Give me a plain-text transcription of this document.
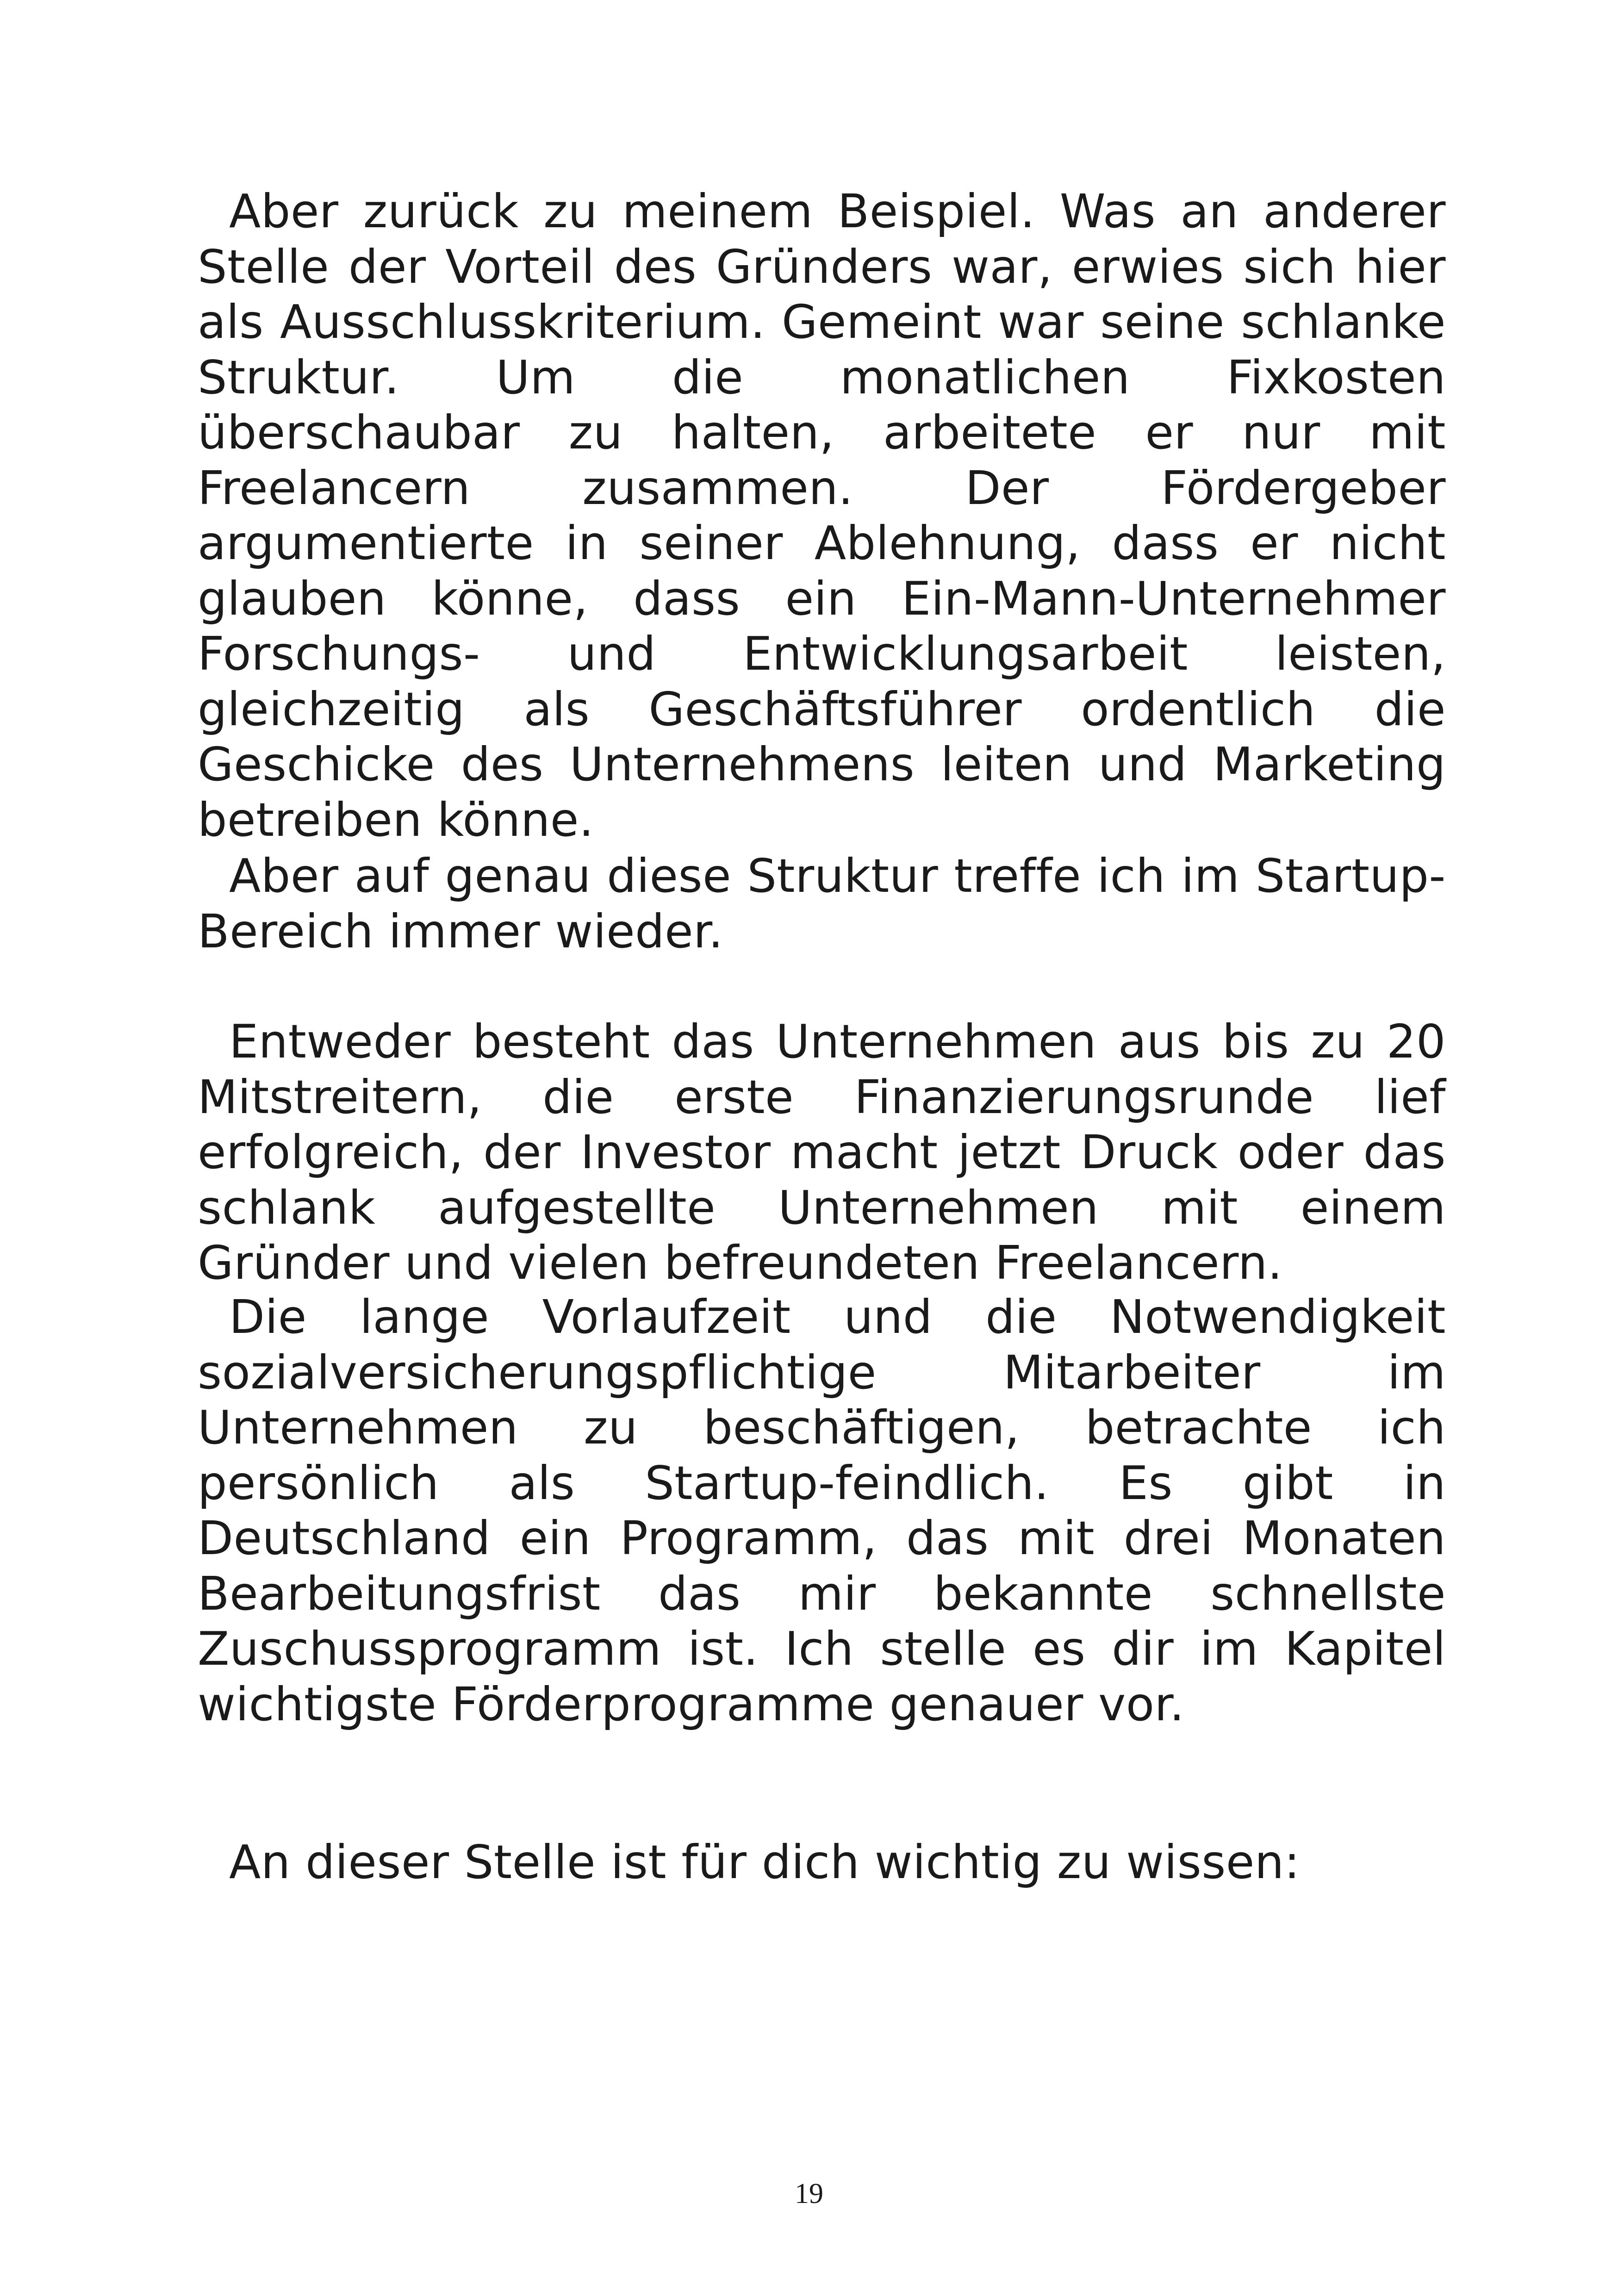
Aber zurück zu meinem Beispiel. Was an anderer Stelle der Vorteil des Gründers war, erwies sich hier als Ausschlusskriterium. Gemeint war seine schlanke Struktur. Um die monatlichen Fixkosten überschaubar zu halten, arbeitete er nur mit Freelancern zusammen. Der Fördergeber argumentierte in seiner Ablehnung, dass er nicht glauben könne, dass ein Ein-Mann-Unternehmer Forschungs- und Entwicklungsarbeit leisten, gleichzeitig als Geschäftsführer ordentlich die Geschicke des Unternehmens leiten und Marketing betreiben könne.

Aber auf genau diese Struktur treffe ich im Startup-Bereich immer wieder.

Entweder besteht das Unternehmen aus bis zu 20 Mitstreitern, die erste Finanzierungsrunde lief erfolgreich, der Investor macht jetzt Druck oder das schlank aufgestellte Unternehmen mit einem Gründer und vielen befreundeten Freelancern.

Die lange Vorlaufzeit und die Notwendigkeit sozialversicherungspflichtige Mitarbeiter im Unternehmen zu beschäftigen, betrachte ich persönlich als Startup-feindlich. Es gibt in Deutschland ein Programm, das mit drei Monaten Bearbeitungsfrist das mir bekannte schnellste Zuschussprogramm ist. Ich stelle es dir im Kapitel wichtigste Förderprogramme genauer vor.

An dieser Stelle ist für dich wichtig zu wissen:

19
